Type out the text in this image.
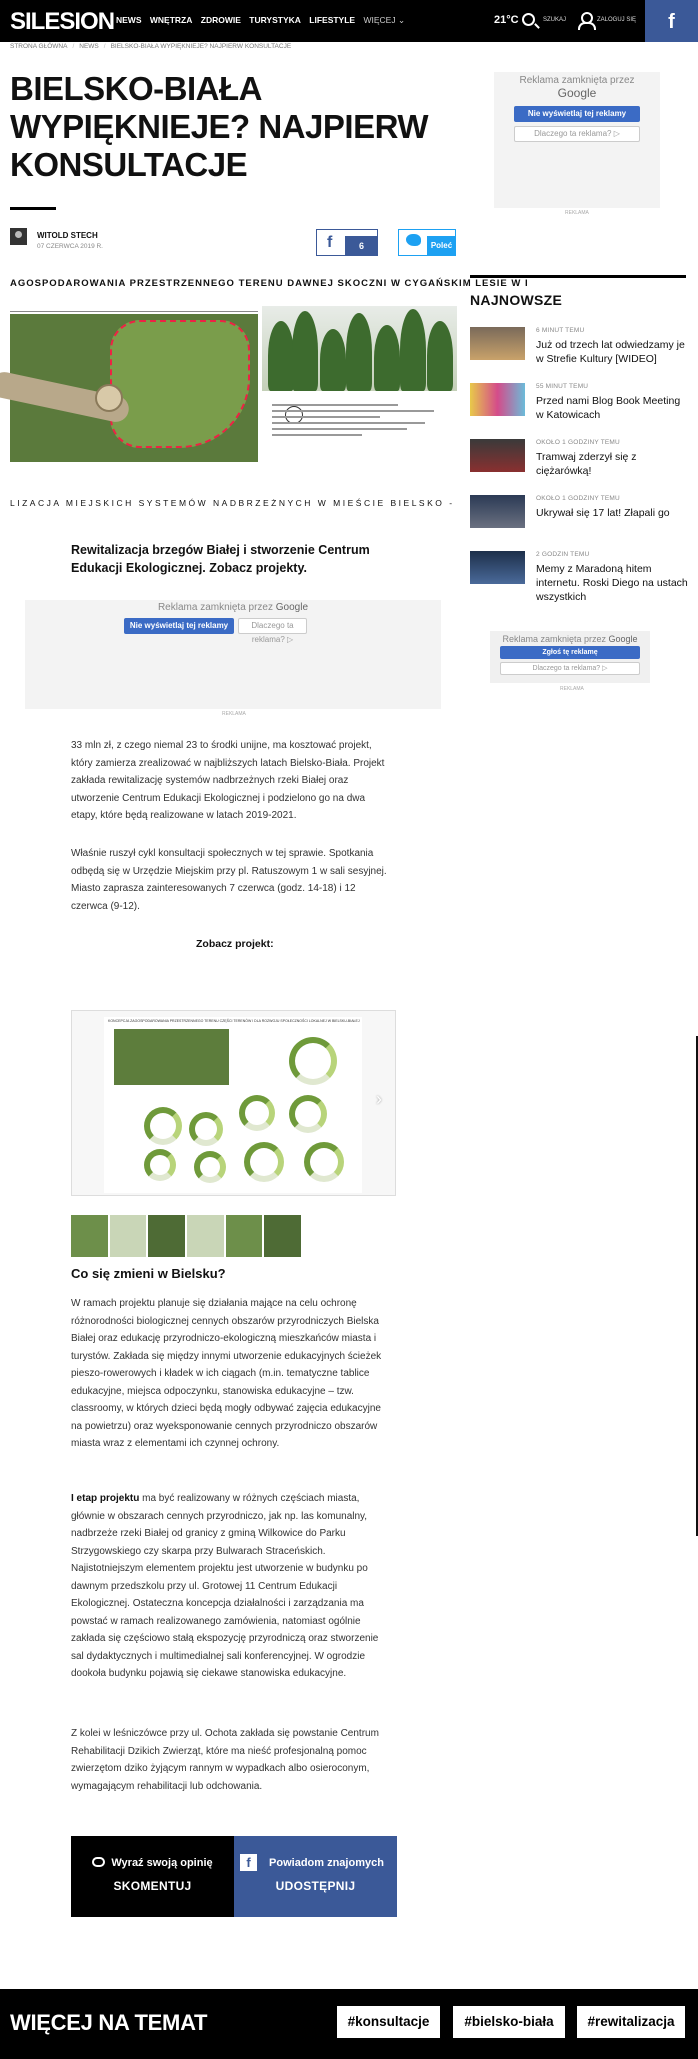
SILESION NEWS WNĘTRZA ZDROWIE TURYSTYKA LIFESTYLE WIĘCEJ ⌄	21°C	SZUKAJ	ZALOGUJ SIĘ	f
STRONA GŁÓWNA / NEWS / BIELSKO-BIAŁA WYPIĘKNIEJE? NAJPIERW KONSULTACJE
BIELSKO-BIAŁA WYPIĘKNIEJE? NAJPIERW KONSULTACJE
WITOLD STECH
07 CZERWCA 2019 R.	f	6	Poleć
Reklama zamknięta przez
Google
Nie wyświetlaj tej reklamy
Dlaczego ta reklama? ▷
REKLAMA
AGOSPODAROWANIA PRZESTRZENNEGO TERENU DAWNEJ SKOCZNI W CYGAŃSKIM LESIE W I
LIZACJA MIEJSKICH SYSTEMÓW NADBRZEŻNYCH W MIEŚCIE BIELSKO -
Rewitalizacja brzegów Białej i stworzenie Centrum Edukacji Ekologicznej. Zobacz projekty.
Reklama zamknięta przez Google
Nie wyświetlaj tej reklamy	Dlaczego ta reklama? ▷
REKLAMA
33 mln zł, z czego niemal 23 to środki unijne, ma kosztować projekt, który zamierza zrealizować w najbliższych latach Bielsko-Biała. Projekt zakłada rewitalizację systemów nadbrzeżnych rzeki Białej oraz utworzenie Centrum Edukacji Ekologicznej i podzielono go na dwa etapy, które będą realizowane w latach 2019-2021.
Właśnie ruszył cykl konsultacji społecznych w tej sprawie. Spotkania odbędą się w Urzędzie Miejskim przy pl. Ratuszowym 1 w sali sesyjnej. Miasto zaprasza zainteresowanych 7 czerwca (godz. 14-18) i 12 czerwca (9-12).
Zobacz projekt:
KONCEPCJA ZAGOSPODAROWANIA PRZESTRZENNEGO TERENU CZĘŚCI TERENÓW I DLA ROZWOJU SPOŁECZNOŚCI LOKALNEJ W BIELSKU-BIAŁEJ
›
Co się zmieni w Bielsku?
W ramach projektu planuje się działania mające na celu ochronę różnorodności biologicznej cennych obszarów przyrodniczych Bielska Białej oraz edukację przyrodniczo-ekologiczną mieszkańców miasta i turystów. Zakłada się między innymi utworzenie edukacyjnych ścieżek pieszo-rowerowych i kładek w ich ciągach (m.in. tematyczne tablice edukacyjne, miejsca odpoczynku, stanowiska edukacyjne – tzw. classroomy, w których dzieci będą mogły odbywać zajęcia edukacyjne na powietrzu) oraz wyeksponowanie cennych przyrodniczo obszarów miasta wraz z elementami ich czynnej ochrony.
I etap projektu ma być realizowany w różnych częściach miasta, głównie w obszarach cennych przyrodniczo, jak np. las komunalny, nadbrzeże rzeki Białej od granicy z gminą Wilkowice do Parku Strzygowskiego czy skarpa przy Bulwarach Straceńskich. Najistotniejszym elementem projektu jest utworzenie w budynku po dawnym przedszkolu przy ul. Grotowej 11 Centrum Edukacji Ekologicznej. Ostateczna koncepcja działalności i zarządzania ma powstać w ramach realizowanego zamówienia, natomiast ogólnie zakłada się częściowo stałą ekspozycję przyrodniczą oraz stworzenie sal dydaktycznych i multimedialnej sali konferencyjnej. W ogrodzie dookoła budynku pojawią się ciekawe stanowiska edukacyjne.
Z kolei w leśniczówce przy ul. Ochota zakłada się powstanie Centrum Rehabilitacji Dzikich Zwierząt, które ma nieść profesjonalną pomoc zwierzętom dziko żyjącym rannym w wypadkach albo osieroconym, wymagającym rehabilitacji lub odchowania.
Wyraź swoją opinię
SKOMENTUJ
f	Powiadom znajomych
UDOSTĘPNIJ
NAJNOWSZE
6 MINUT TEMU
Już od trzech lat odwiedzamy je w Strefie Kultury [WIDEO]
55 MINUT TEMU
Przed nami Blog Book Meeting w Katowicach
OKOŁO 1 GODZINY TEMU
Tramwaj zderzył się z ciężarówką!
OKOŁO 1 GODZINY TEMU
Ukrywał się 17 lat! Złapali go
2 GODZIN TEMU
Memy z Maradoną hitem internetu. Roski Diego na ustach wszystkich
Reklama zamknięta przez Google
Zgłoś tę reklamę
Dlaczego ta reklama? ▷
REKLAMA
WIĘCEJ NA TEMAT	#konsultacje	#bielsko-biała	#rewitalizacja
